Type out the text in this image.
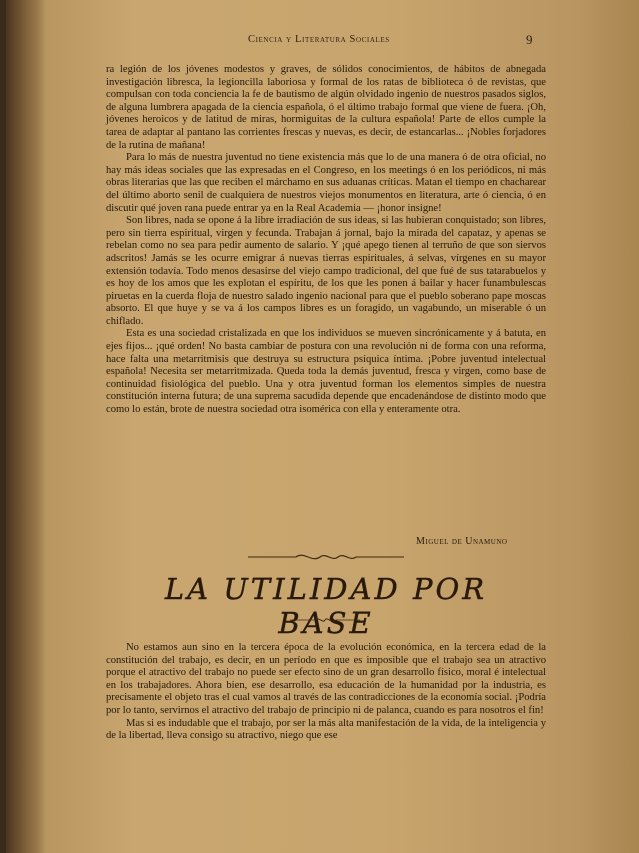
Ciencia y Literatura Sociales	9

ra legión de los jóvenes modestos y graves, de sólidos conocimientos, de hábitos de abnegada investigación libresca, la legioncilla laboriosa y formal de los ratas de biblioteca ó de revistas, que compulsan con toda conciencia la fe de bautismo de algún olvidado ingenio de nuestros pasados siglos, de alguna lumbrera apagada de la ciencia española, ó el último trabajo formal que viene de fuera. ¡Oh, jóvenes heroicos y de latitud de miras, hormiguitas de la cultura española! Parte de ellos cumple la tarea de adaptar al pantano las corrientes frescas y nuevas, es decir, de estancarlas... ¡Nobles forjadores de la rutina de mañana!

Para lo más de nuestra juventud no tiene existencia más que lo de una manera ó de otra oficial, no hay más ideas sociales que las expresadas en el Congreso, en los meetings ó en los periódicos, ni más obras literarias que las que reciben el márchamo en sus aduanas críticas. Matan el tiempo en chacharear del último aborto senil de cualquiera de nuestros viejos monumentos en literatura, arte ó ciencia, ó en discutir qué joven rana puede entrar ya en la Real Academia — ¡honor insigne!

Son libres, nada se opone á la libre irradiación de sus ideas, si las hubieran conquistado; son libres, pero sin tierra espiritual, virgen y fecunda. Trabajan á jornal, bajo la mirada del capataz, y apenas se rebelan como no sea para pedir aumento de salario. Y ¡qué apego tienen al terruño de que son siervos adscritos! Jamás se les ocurre emigrar á nuevas tierras espirituales, á selvas, vírgenes en su mayor extensión todavía. Todo menos desasirse del viejo campo tradicional, del que fué de sus tatarabuelos y es hoy de los amos que les explotan el espíritu, de los que les ponen á bailar y hacer funambulescas piruetas en la cuerda floja de nuestro salado ingenio nacional para que el pueblo soberano pape moscas absorto. El que huye y se va á los campos libres es un foragido, un vagabundo, un miserable ó un chiflado.

Esta es una sociedad cristalizada en que los individuos se mueven sincrónicamente y á batuta, en ejes fijos... ¡qué orden! No basta cambiar de postura con una revolución ni de forma con una reforma, hace falta una metarritmisis que destruya su estructura psíquica íntima. ¡Pobre juventud intelectual española! Necesita ser metarritmizada. Queda toda la demás juventud, fresca y virgen, como base de continuidad fisiológica del pueblo. Una y otra juventud forman los elementos simples de nuestra constitución interna futura; de una suprema sacudida depende que encadenándose de distinto modo que como lo están, brote de nuestra sociedad otra isomérica con ella y enteramente otra.

Miguel de Unamuno
LA UTILIDAD POR BASE

No estamos aun sino en la tercera época de la evolución económica, en la tercera edad de la constitución del trabajo, es decir, en un período en que es imposible que el trabajo sea un atractivo porque el atractivo del trabajo no puede ser efecto sino de un gran desarrollo físico, moral é intelectual en los trabajadores. Ahora bien, ese desarrollo, esa educación de la humanidad por la industria, es precisamente el objeto tras el cual vamos al través de las contradicciones de la economía social. ¡Podría por lo tanto, servirnos el atractivo del trabajo de principio ni de palanca, cuando es para nosotros el fin!

Mas si es indudable que el trabajo, por ser la más alta manifestación de la vida, de la inteligencia y de la libertad, lleva consigo su atractivo, niego que ese
